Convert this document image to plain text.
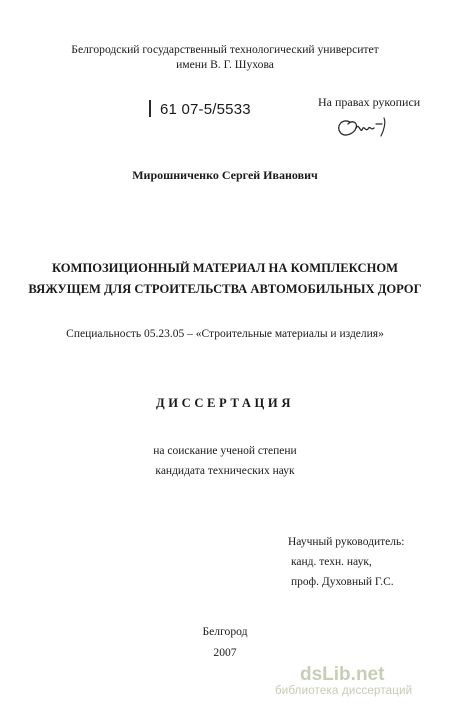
Белгородский государственный технологический университет
имени В. Г. Шухова
61 07-5/5533	На правах рукописи
Мирошниченко Сергей Иванович
КОМПОЗИЦИОННЫЙ МАТЕРИАЛ НА КОМПЛЕКСНОМ
ВЯЖУЩЕМ ДЛЯ СТРОИТЕЛЬСТВА АВТОМОБИЛЬНЫХ ДОРОГ
Специальность 05.23.05 – «Строительные материалы и изделия»
ДИССЕРТАЦИЯ
на соискание ученой степени
кандидата технических наук
Научный руководитель:
канд. техн. наук,
проф. Духовный Г.С.
Белгород
2007
dsLib.net
библиотека диссертаций
